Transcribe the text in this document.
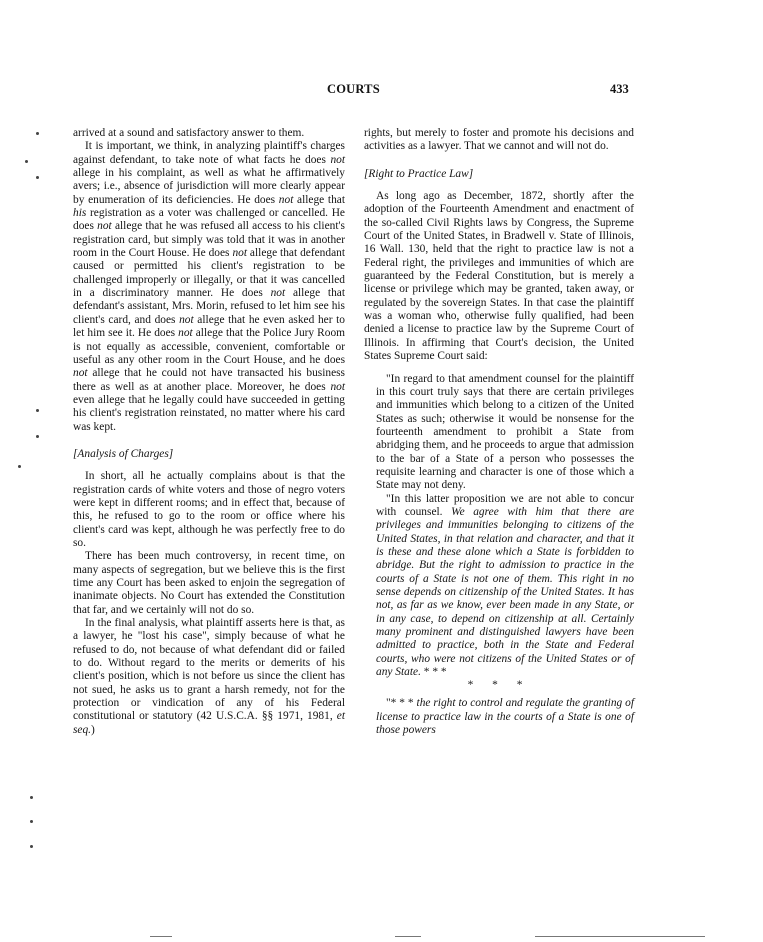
COURTS	433

arrived at a sound and satisfactory answer to them.

It is important, we think, in analyzing plaintiff's charges against defendant, to take note of what facts he does not allege in his complaint, as well as what he affirmatively avers; i.e., absence of jurisdiction will more clearly appear by enumeration of its deficiencies. He does not allege that his registration as a voter was challenged or cancelled. He does not allege that he was refused all access to his client's registration card, but simply was told that it was in another room in the Court House. He does not allege that defendant caused or permitted his client's registration to be challenged improperly or illegally, or that it was cancelled in a discriminatory manner. He does not allege that defendant's assistant, Mrs. Morin, refused to let him see his client's card, and does not allege that he even asked her to let him see it. He does not allege that the Police Jury Room is not equally as accessible, convenient, comfortable or useful as any other room in the Court House, and he does not allege that he could not have transacted his business there as well as at another place. Moreover, he does not even allege that he legally could have succeeded in getting his client's registration reinstated, no matter where his card was kept.

[Analysis of Charges]

In short, all he actually complains about is that the registration cards of white voters and those of negro voters were kept in different rooms; and in effect that, because of this, he refused to go to the room or office where his client's card was kept, although he was perfectly free to do so.

There has been much controversy, in recent time, on many aspects of segregation, but we believe this is the first time any Court has been asked to enjoin the segregation of inanimate objects. No Court has extended the Constitution that far, and we certainly will not do so.

In the final analysis, what plaintiff asserts here is that, as a lawyer, he "lost his case", simply because of what he refused to do, not because of what defendant did or failed to do. Without regard to the merits or demerits of his client's position, which is not before us since the client has not sued, he asks us to grant a harsh remedy, not for the protection or vindication of any of his Federal constitutional or statutory (42 U.S.C.A. §§ 1971, 1981, et seq.)

rights, but merely to foster and promote his decisions and activities as a lawyer. That we cannot and will not do.

[Right to Practice Law]

As long ago as December, 1872, shortly after the adoption of the Fourteenth Amendment and enactment of the so-called Civil Rights laws by Congress, the Supreme Court of the United States, in Bradwell v. State of Illinois, 16 Wall. 130, held that the right to practice law is not a Federal right, the privileges and immunities of which are guaranteed by the Federal Constitution, but is merely a license or privilege which may be granted, taken away, or regulated by the sovereign States. In that case the plaintiff was a woman who, otherwise fully qualified, had been denied a license to practice law by the Supreme Court of Illinois. In affirming that Court's decision, the United States Supreme Court said:

"In regard to that amendment counsel for the plaintiff in this court truly says that there are certain privileges and immunities which belong to a citizen of the United States as such; otherwise it would be nonsense for the fourteenth amendment to prohibit a State from abridging them, and he proceeds to argue that admission to the bar of a State of a person who possesses the requisite learning and character is one of those which a State may not deny.

"In this latter proposition we are not able to concur with counsel. We agree with him that there are privileges and immunities belonging to citizens of the United States, in that relation and character, and that it is these and these alone which a State is forbidden to abridge. But the right to admission to practice in the courts of a State is not one of them. This right in no sense depends on citizenship of the United States. It has not, as far as we know, ever been made in any State, or in any case, to depend on citizenship at all. Certainly many prominent and distinguished lawyers have been admitted to practice, both in the State and Federal courts, who were not citizens of the United States or of any State. * * *

* * *

"* * * the right to control and regulate the granting of license to practice law in the courts of a State is one of those powers
